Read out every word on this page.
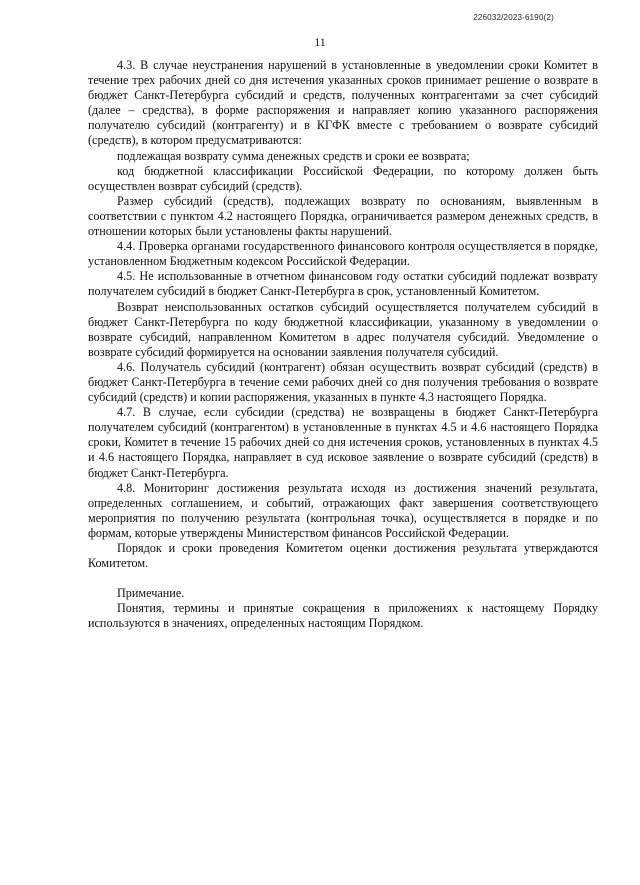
226032/2023-6190(2)
11

4.3. В случае неустранения нарушений в установленные в уведомлении сроки Комитет в течение трех рабочих дней со дня истечения указанных сроков принимает решение о возврате в бюджет Санкт-Петербурга субсидий и средств, полученных контрагентами за счет субсидий (далее – средства), в форме распоряжения и направляет копию указанного распоряжения получателю субсидий (контрагенту) и в КГФК вместе с требованием о возврате субсидий (средств), в котором предусматриваются:

подлежащая возврату сумма денежных средств и сроки ее возврата;

код бюджетной классификации Российской Федерации, по которому должен быть осуществлен возврат субсидий (средств).

Размер субсидий (средств), подлежащих возврату по основаниям, выявленным в соответствии с пунктом 4.2 настоящего Порядка, ограничивается размером денежных средств, в отношении которых были установлены факты нарушений.

4.4. Проверка органами государственного финансового контроля осуществляется в порядке, установленном Бюджетным кодексом Российской Федерации.

4.5. Не использованные в отчетном финансовом году остатки субсидий подлежат возврату получателем субсидий в бюджет Санкт-Петербурга в срок, установленный Комитетом.

Возврат неиспользованных остатков субсидий осуществляется получателем субсидий в бюджет Санкт-Петербурга по коду бюджетной классификации, указанному в уведомлении о возврате субсидий, направленном Комитетом в адрес получателя субсидий. Уведомление о возврате субсидий формируется на основании заявления получателя субсидий.

4.6. Получатель субсидий (контрагент) обязан осуществить возврат субсидий (средств) в бюджет Санкт-Петербурга в течение семи рабочих дней со дня получения требования о возврате субсидий (средств) и копии распоряжения, указанных в пункте 4.3 настоящего Порядка.

4.7. В случае, если субсидии (средства) не возвращены в бюджет Санкт-Петербурга получателем субсидий (контрагентом) в установленные в пунктах 4.5 и 4.6 настоящего Порядка сроки, Комитет в течение 15 рабочих дней со дня истечения сроков, установленных в пунктах 4.5 и 4.6 настоящего Порядка, направляет в суд исковое заявление о возврате субсидий (средств) в бюджет Санкт-Петербурга.

4.8. Мониторинг достижения результата исходя из достижения значений результата, определенных соглашением, и событий, отражающих факт завершения соответствующего мероприятия по получению результата (контрольная точка), осуществляется в порядке и по формам, которые утверждены Министерством финансов Российской Федерации.

Порядок и сроки проведения Комитетом оценки достижения результата утверждаются Комитетом.

Примечание.

Понятия, термины и принятые сокращения в приложениях к настоящему Порядку используются в значениях, определенных настоящим Порядком.
